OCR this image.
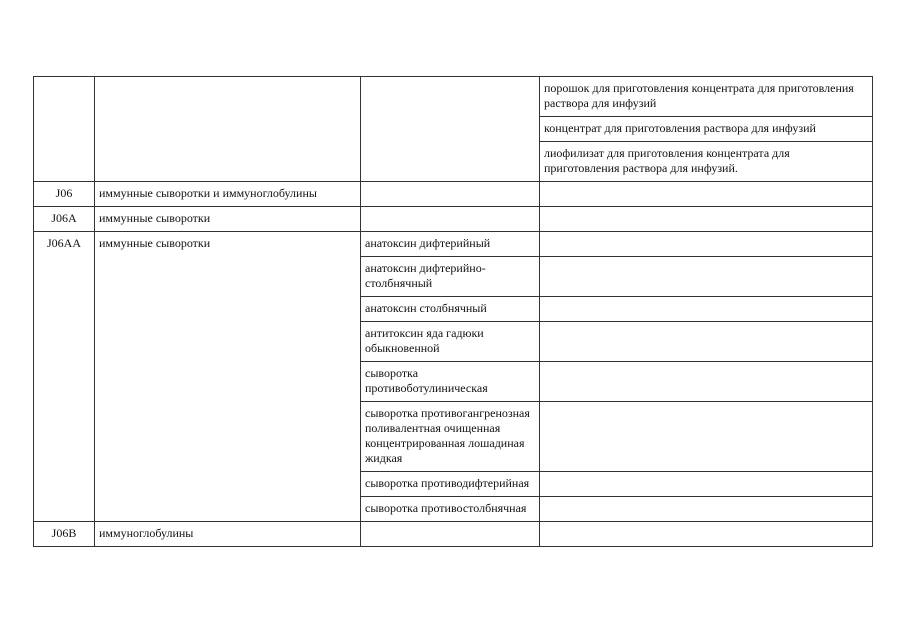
			порошок для приготовления концентрата для приготовления раствора для инфузий
			концентрат для приготовления раствора для инфузий
			лиофилизат для приготовления концентрата для приготовления раствора для инфузий.
J06	иммунные сыворотки и иммуноглобулины		
J06A	иммунные сыворотки		
J06AA	иммунные сыворотки	анатоксин дифтерийный	
		анатоксин дифтерийно-столбнячный	
		анатоксин столбнячный	
		антитоксин яда гадюки обыкновенной	
		сыворотка противоботулиническая	
		сыворотка противогангренозная поливалентная очищенная концентрированная лошадиная жидкая	
		сыворотка противодифтерийная	
		сыворотка противостолбнячная	
J06B	иммуноглобулины		
